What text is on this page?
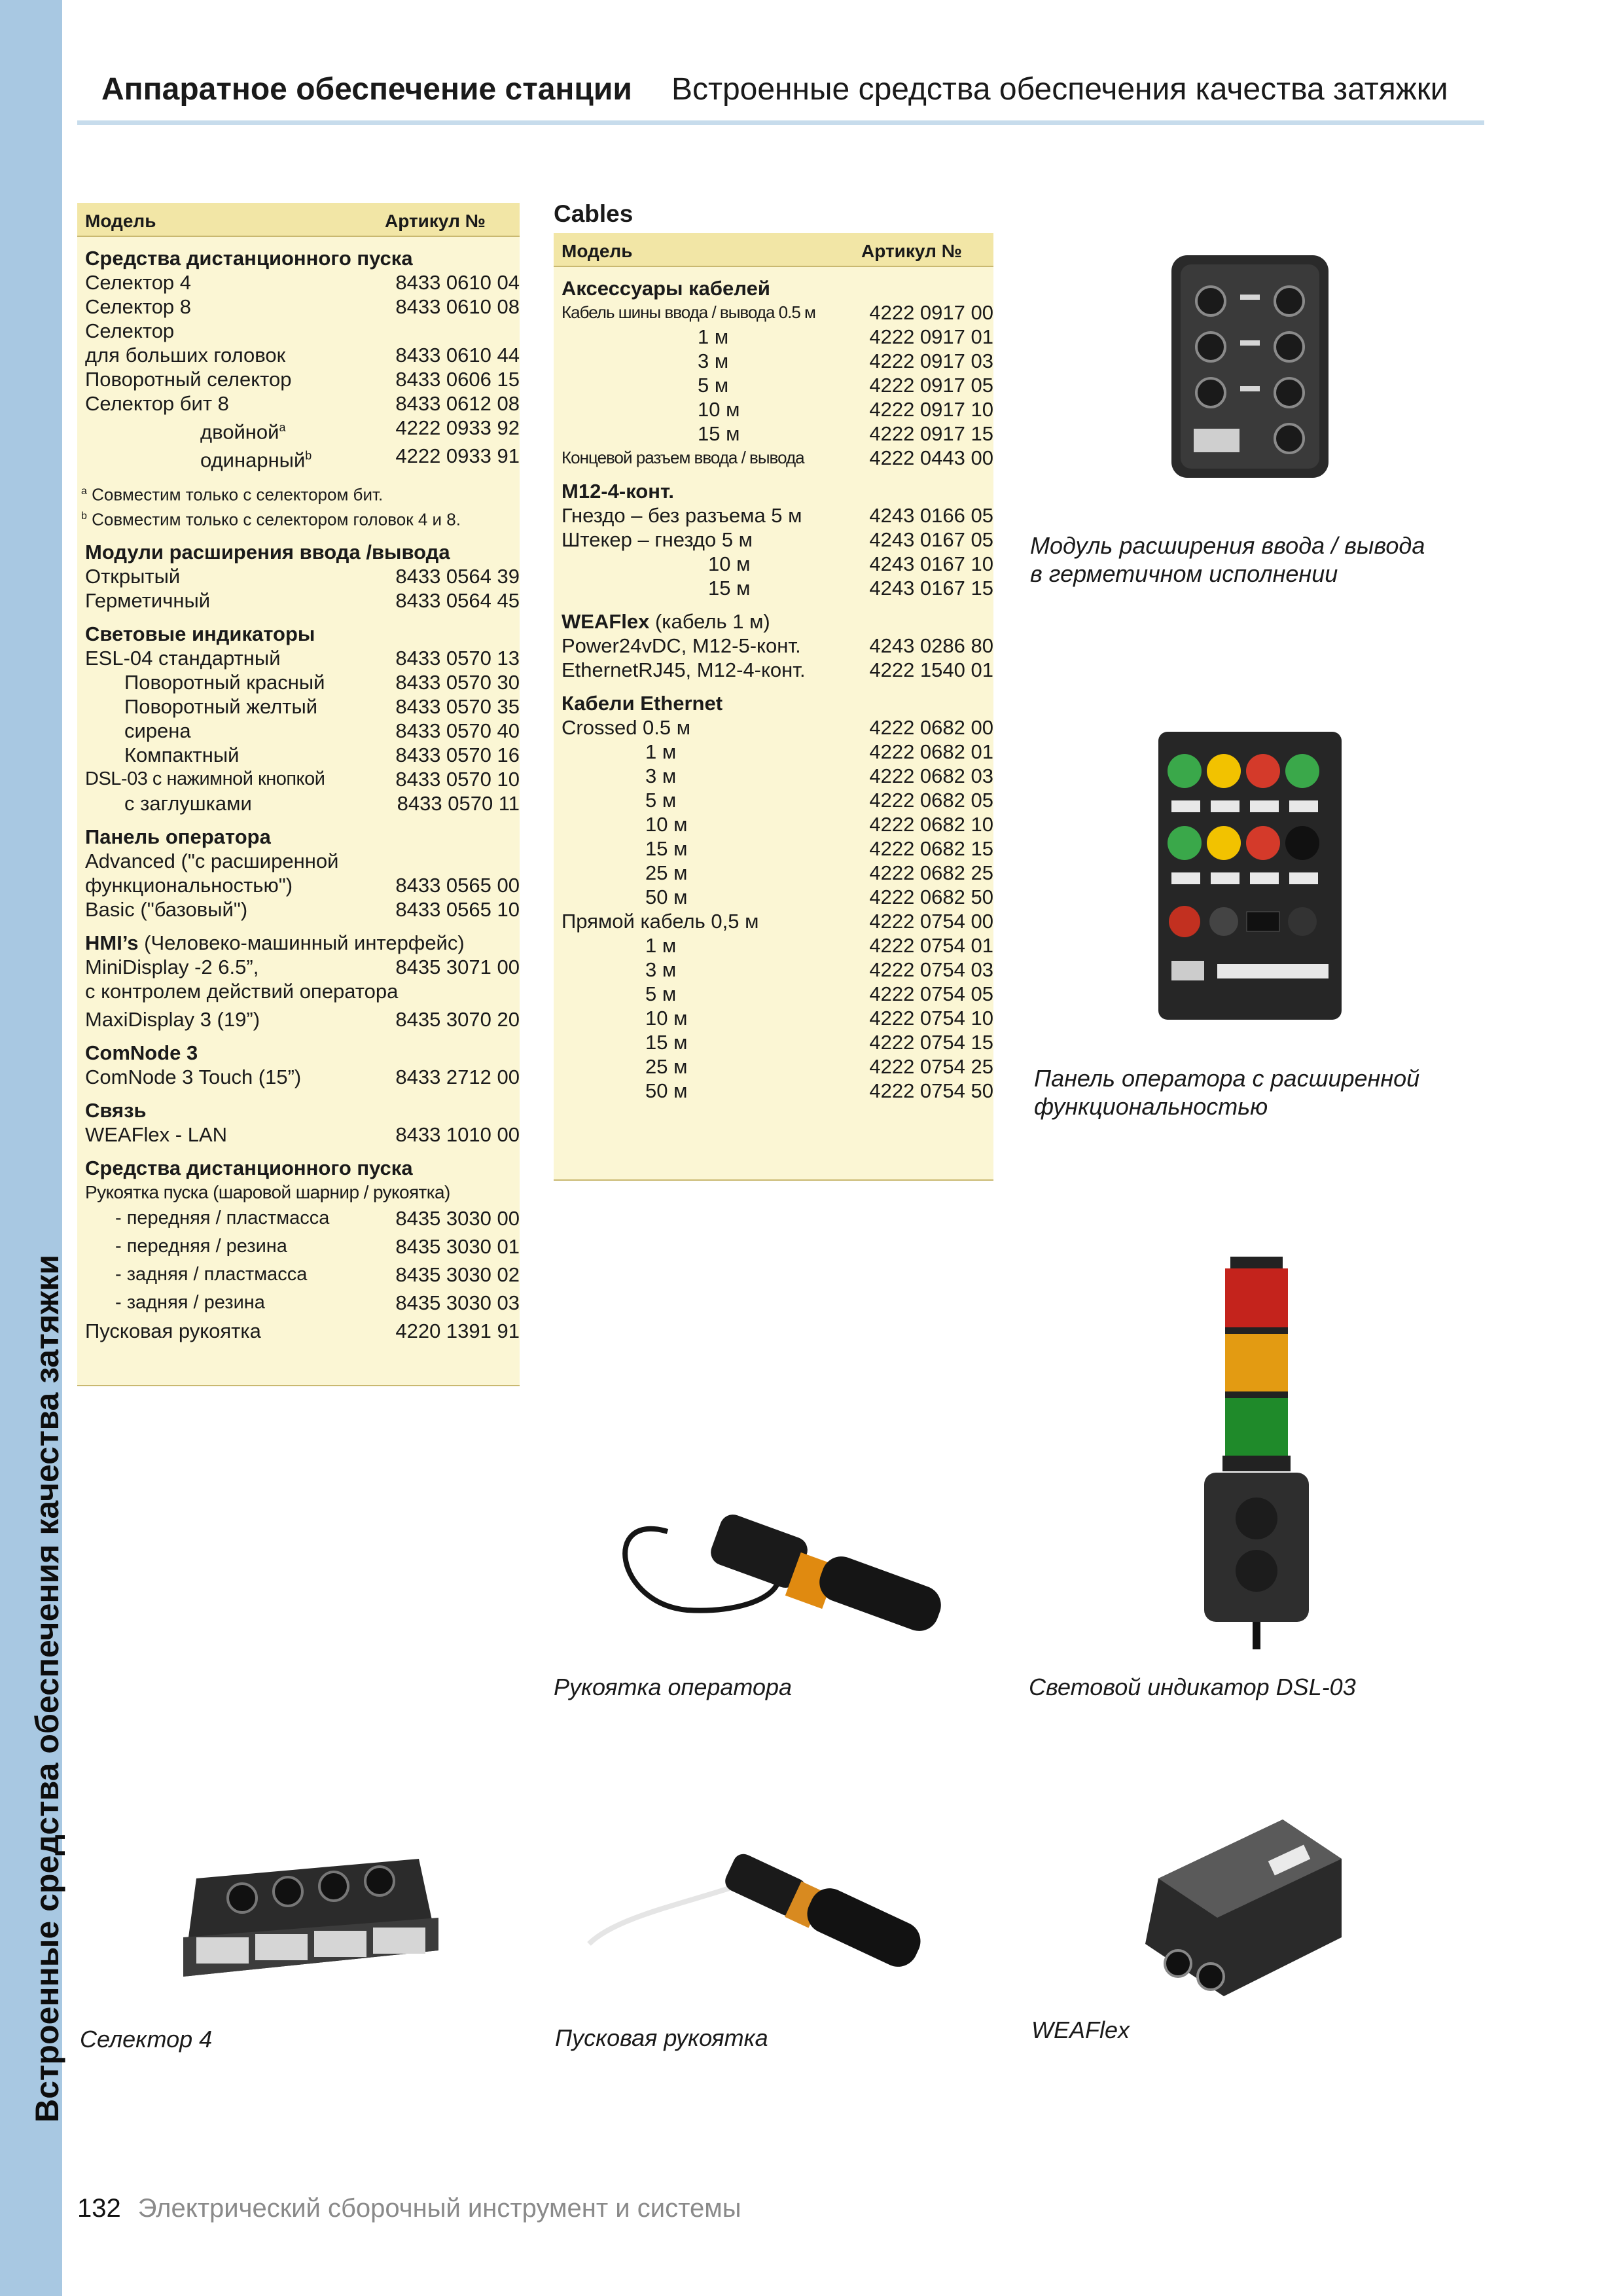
Встроенные средства обеспечения качества затяжки
Аппаратное обеспечение станции Встроенные средства обеспечения качества затяжки
Модель	Артикул №
Средства дистанционного пуска
Селектор 4	8433 0610 04
Селектор 8	8433 0610 08
Селектор
для больших головок	8433 0610 44
Поворотный селектор	8433 0606 15
Селектор бит 8	8433 0612 08
двойной$^a$	4222 0933 92
одинарный$^b$	4222 0933 91
$^a$ Совместим только с селектором бит.
$^b$ Совместим только с селектором головок 4 и 8.
Модули расширения ввода /вывода
Открытый	8433 0564 39
Герметичный	8433 0564 45
Световые индикаторы
ESL-04 стандартный	8433 0570 13
Поворотный красный	8433 0570 30
Поворотный желтый	8433 0570 35
сирена	8433 0570 40
Компактный	8433 0570 16
DSL-03 с нажимной кнопкой	8433 0570 10
с заглушками	8433 0570 11
Панель оператора
Advanced ("с расширенной
функциональностью")	8433 0565 00
Basic ("базовый")	8433 0565 10
HMI’s (Человеко-машинный интерфейс)
MiniDisplay -2 6.5”,	8435 3071 00
с контролем действий оператора
MaxiDisplay 3 (19”)	8435 3070 20
ComNode 3
ComNode 3 Touch (15”)	8433 2712 00
Связь
WEAFlex - LAN	8433 1010 00
Средства дистанционного пуска
Рукоятка пуска (шаровой шарнир / рукоятка)
- передняя / пластмасса	8435 3030 00
- передняя / резина	8435 3030 01
- задняя / пластмасса	8435 3030 02
- задняя / резина	8435 3030 03
Пусковая рукоятка	4220 1391 91
Cables
Модель	Артикул №
Аксессуары кабелей
Кабель шины ввода / вывода 0.5 м	4222 0917 00
1 м	4222 0917 01
3 м	4222 0917 03
5 м	4222 0917 05
10 м	4222 0917 10
15 м	4222 0917 15
Концевой разъем ввода / вывода	4222 0443 00
M12-4-конт.
Гнездо – без разъема 5 м	4243 0166 05
Штекер – гнездо 5 м	4243 0167 05
10 м	4243 0167 10
15 м	4243 0167 15
WEAFlex (кабель 1 м)
Power24vDC, M12-5-конт.	4243 0286 80
EthernetRJ45, M12-4-конт.	4222 1540 01
Кабели Ethernet
Crossed 0.5 м	4222 0682 00
1 м	4222 0682 01
3 м	4222 0682 03
5 м	4222 0682 05
10 м	4222 0682 10
15 м	4222 0682 15
25 м	4222 0682 25
50 м	4222 0682 50
Прямой кабель 0,5 м	4222 0754 00
1 м	4222 0754 01
3 м	4222 0754 03
5 м	4222 0754 05
10 м	4222 0754 10
15 м	4222 0754 15
25 м	4222 0754 25
50 м	4222 0754 50
Модуль расширения ввода / вывода
в герметичном исполнении
Панель оператора с расширенной
функциональностью
Рукоятка оператора	Световой индикатор DSL-03
Селектор 4	Пусковая рукоятка	WEAFlex
132 Электрический сборочный инструмент и системы
